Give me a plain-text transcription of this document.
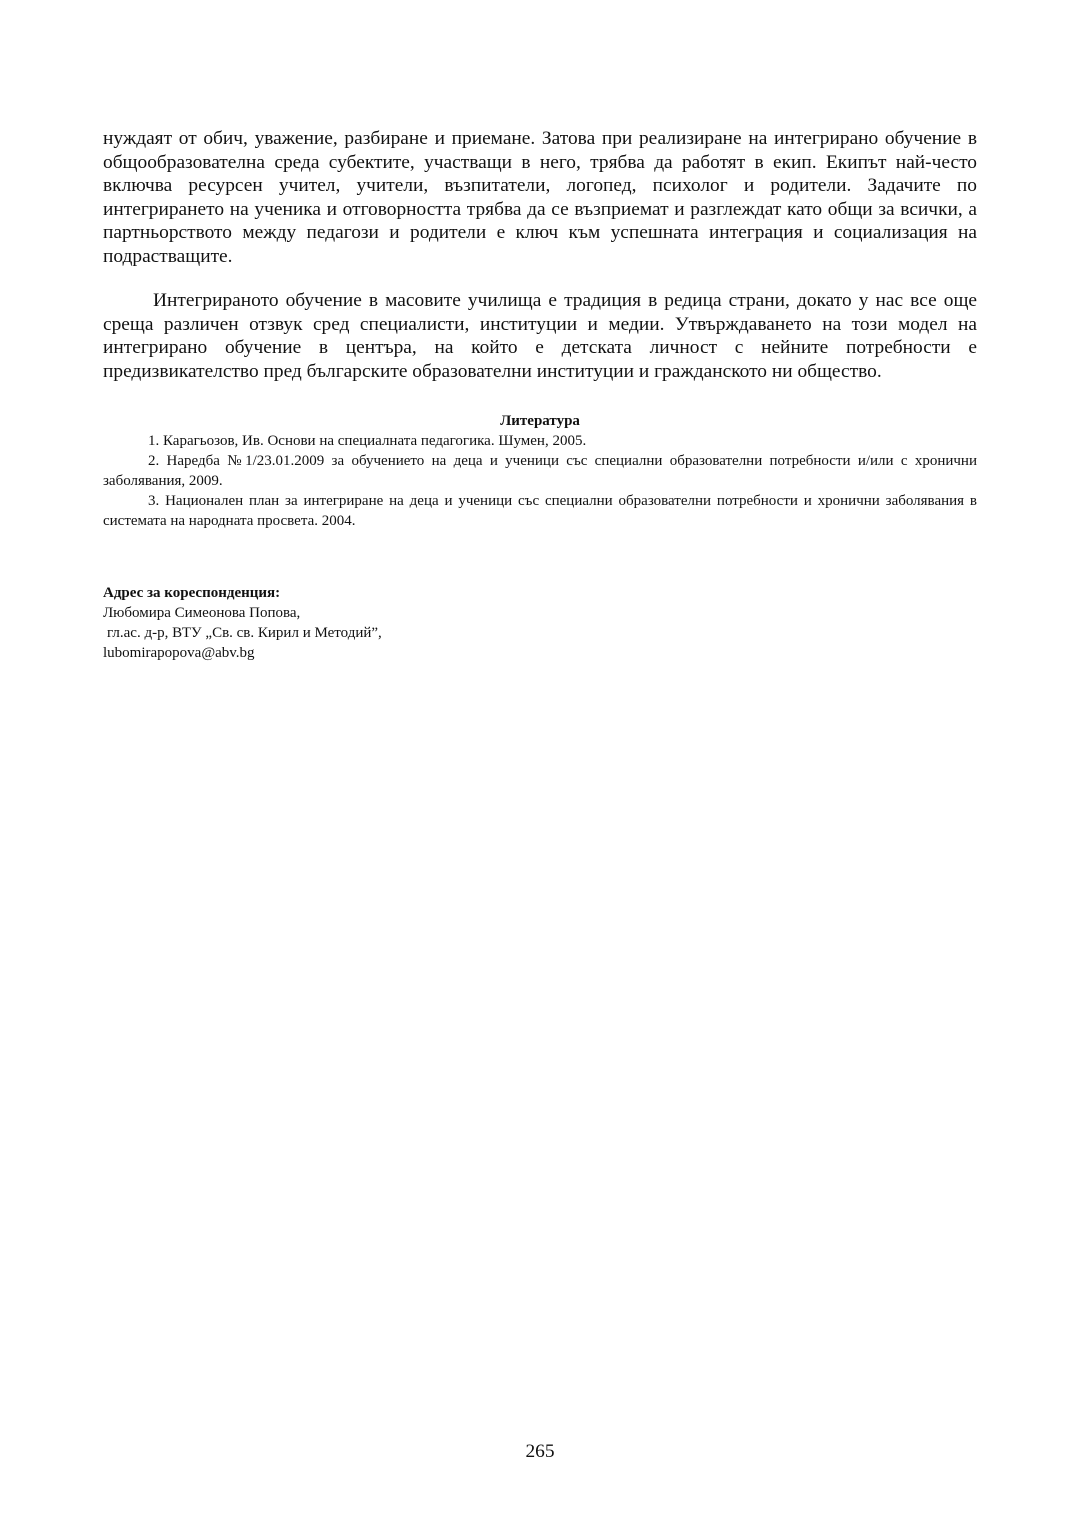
нуждаят от обич, уважение, разбиране и приемане. Затова при реализиране на интегрирано обучение в общообразователна среда субектите, участващи в него, трябва да работят в екип. Екипът най-често включва ресурсен учител, учители, възпитатели, логопед, психолог и родители. Задачите по интегрирането на ученика и отговорността трябва да се възприемат и разглеждат като общи за всички, а партньорството между педагози и родители е ключ към успешната интеграция и социализация на подрастващите.

Интегрираното обучение в масовите училища е традиция в редица страни, докато у нас все още среща различен отзвук сред специалисти, институции и медии. Утвърждаването на този модел на интегрирано обучение в центъра, на който е детската личност с нейните потребности е предизвикателство пред българските образователни институции и гражданското ни общество.

Литература

1. Карагьозов, Ив. Основи на специалната педагогика. Шумен, 2005.

2. Наредба №1/23.01.2009 за обучението на деца и ученици със специални образователни потребности и/или с хронични заболявания, 2009.

3. Национален план за интегриране на деца и ученици със специални образователни потребности и хронични заболявания в системата на народната просвета. 2004.

Адрес за кореспонденция:
Любомира Симеонова Попова,
гл.ас. д-р, ВТУ „Св. св. Кирил и Методий”,
lubomirapopova@abv.bg
265
